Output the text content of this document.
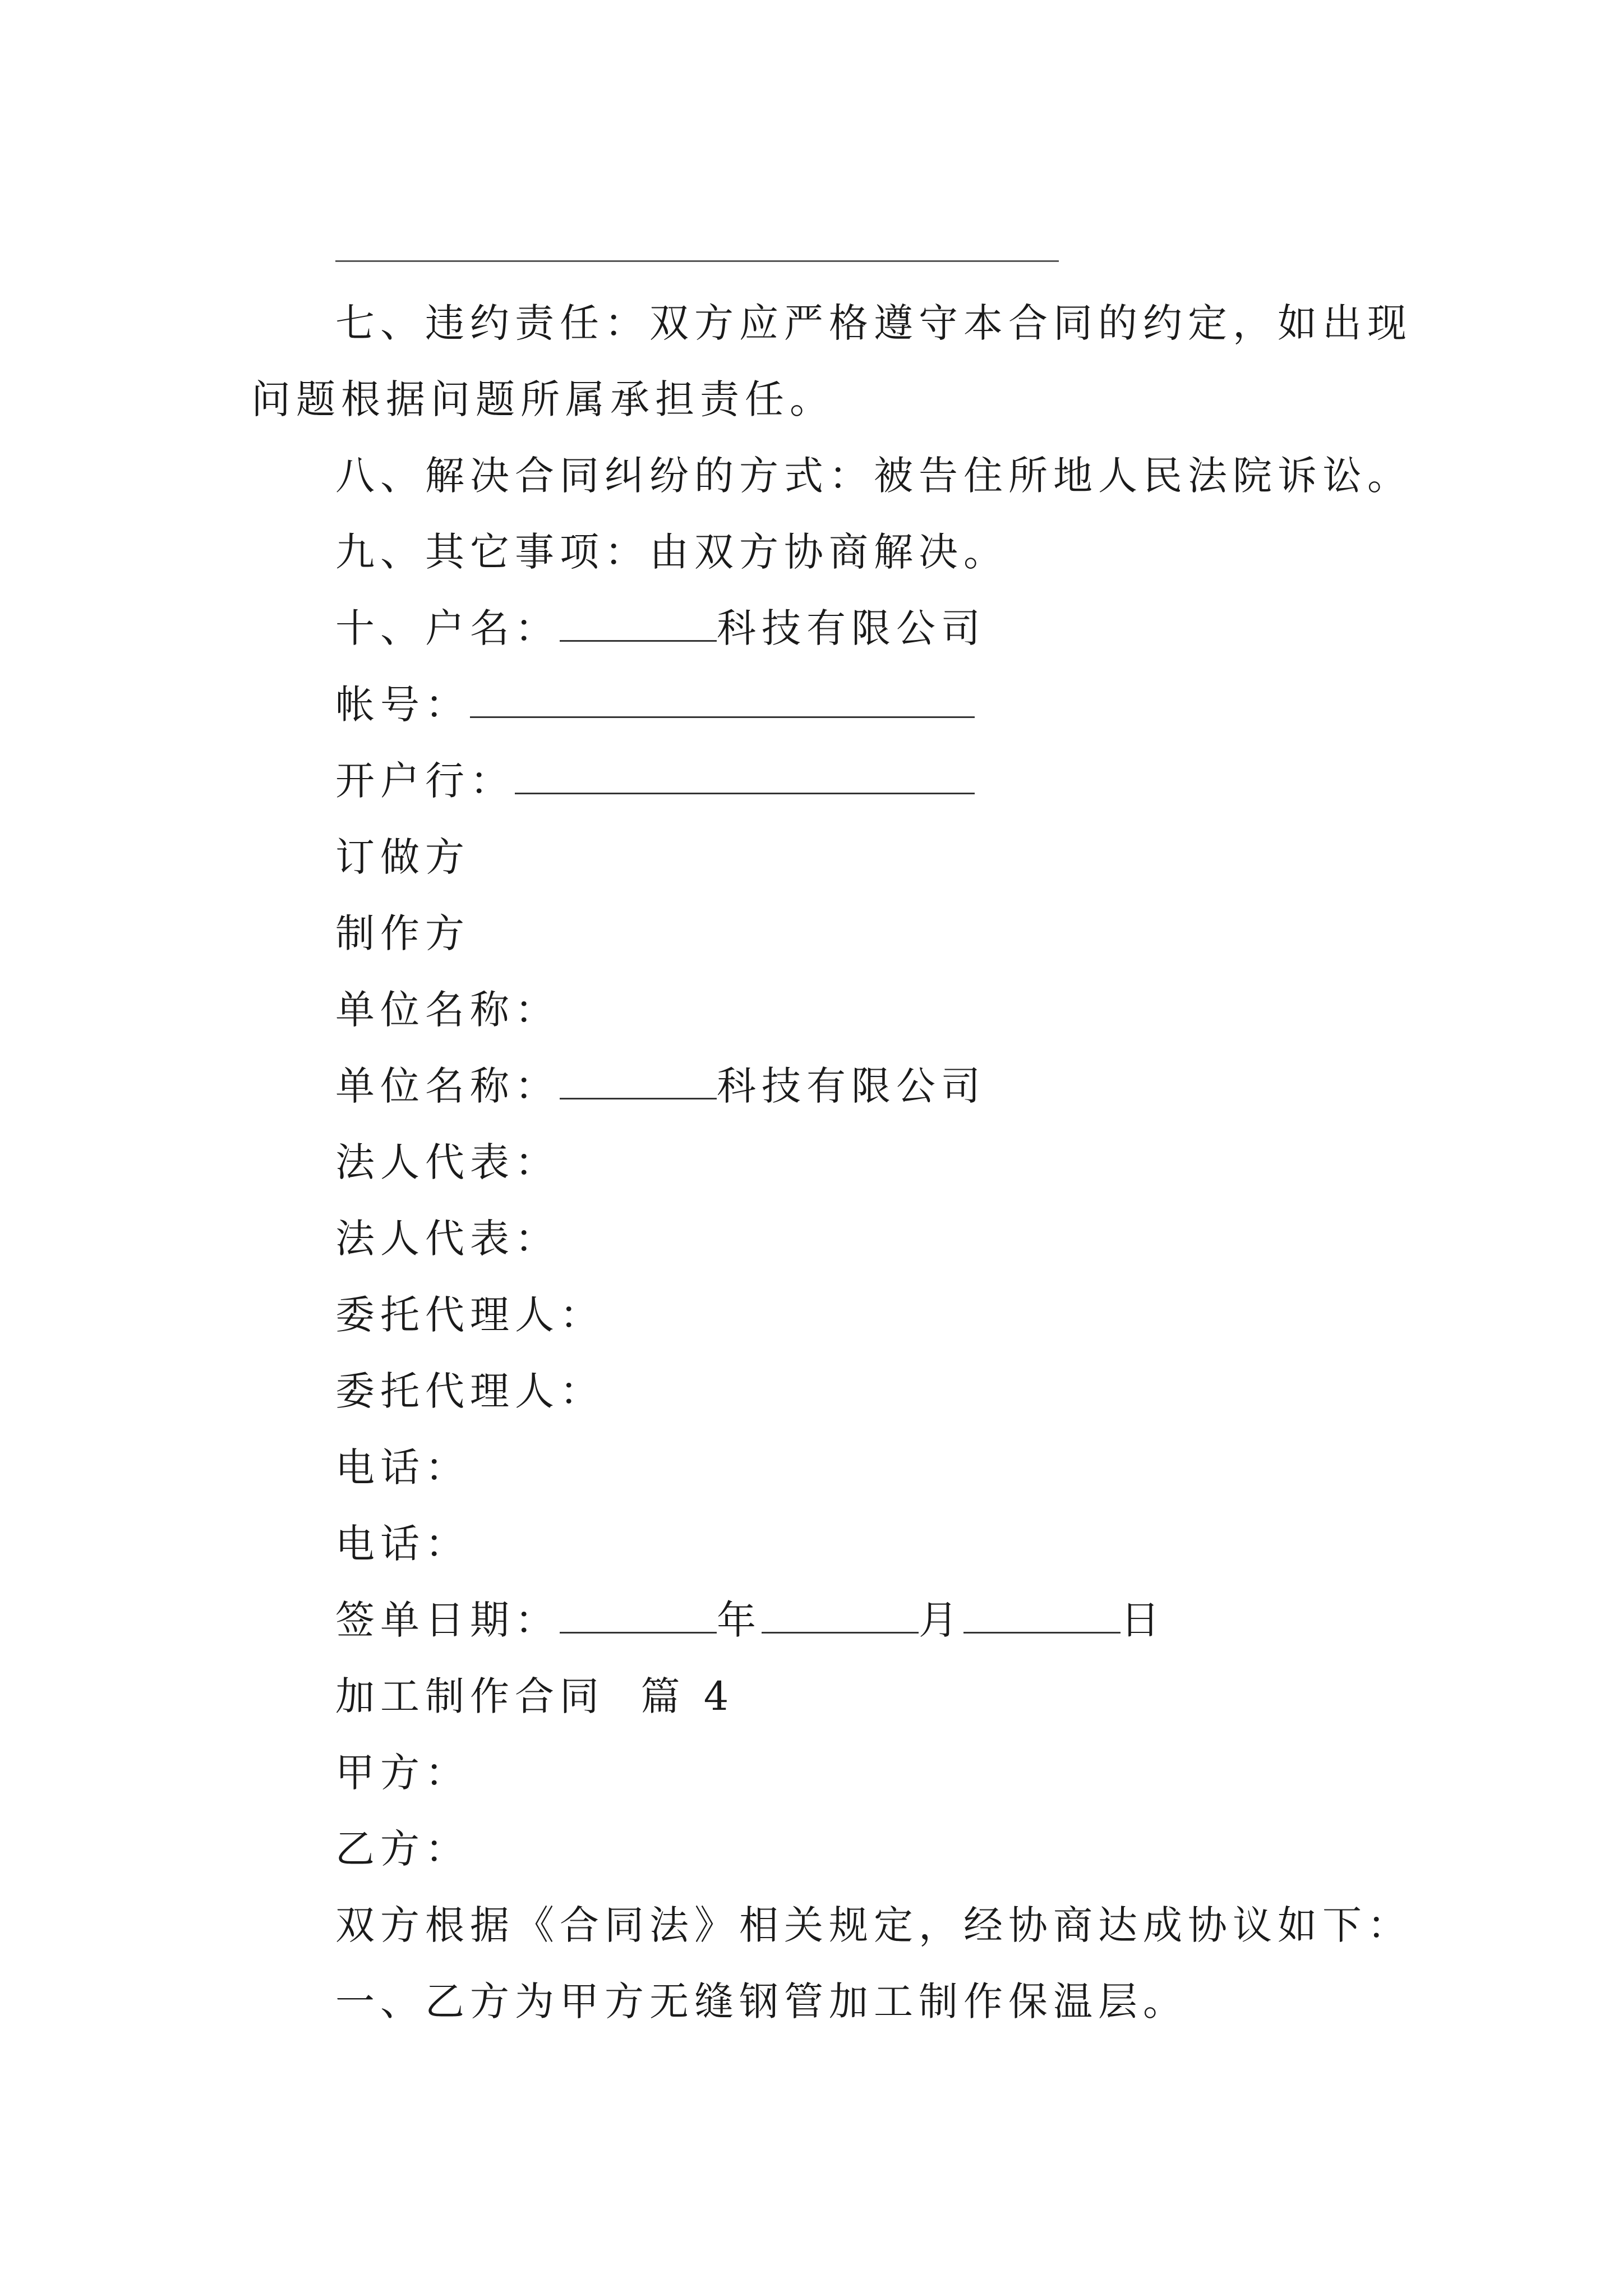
七、违约责任：双方应严格遵守本合同的约定，如出现

问题根据问题所属承担责任。

八、解决合同纠纷的方式：被告住所地人民法院诉讼。

九、其它事项：由双方协商解决。

十、户名：	科技有限公司

帐号：

开户行：

订做方

制作方

单位名称：

单位名称：	科技有限公司

法人代表：

法人代表：

委托代理人：

委托代理人：

电话：

电话：

签单日期：	年	月	日

加工制作合同  篇 4

甲方：

乙方：

双方根据《合同法》相关规定，经协商达成协议如下：

一、乙方为甲方无缝钢管加工制作保温层。
